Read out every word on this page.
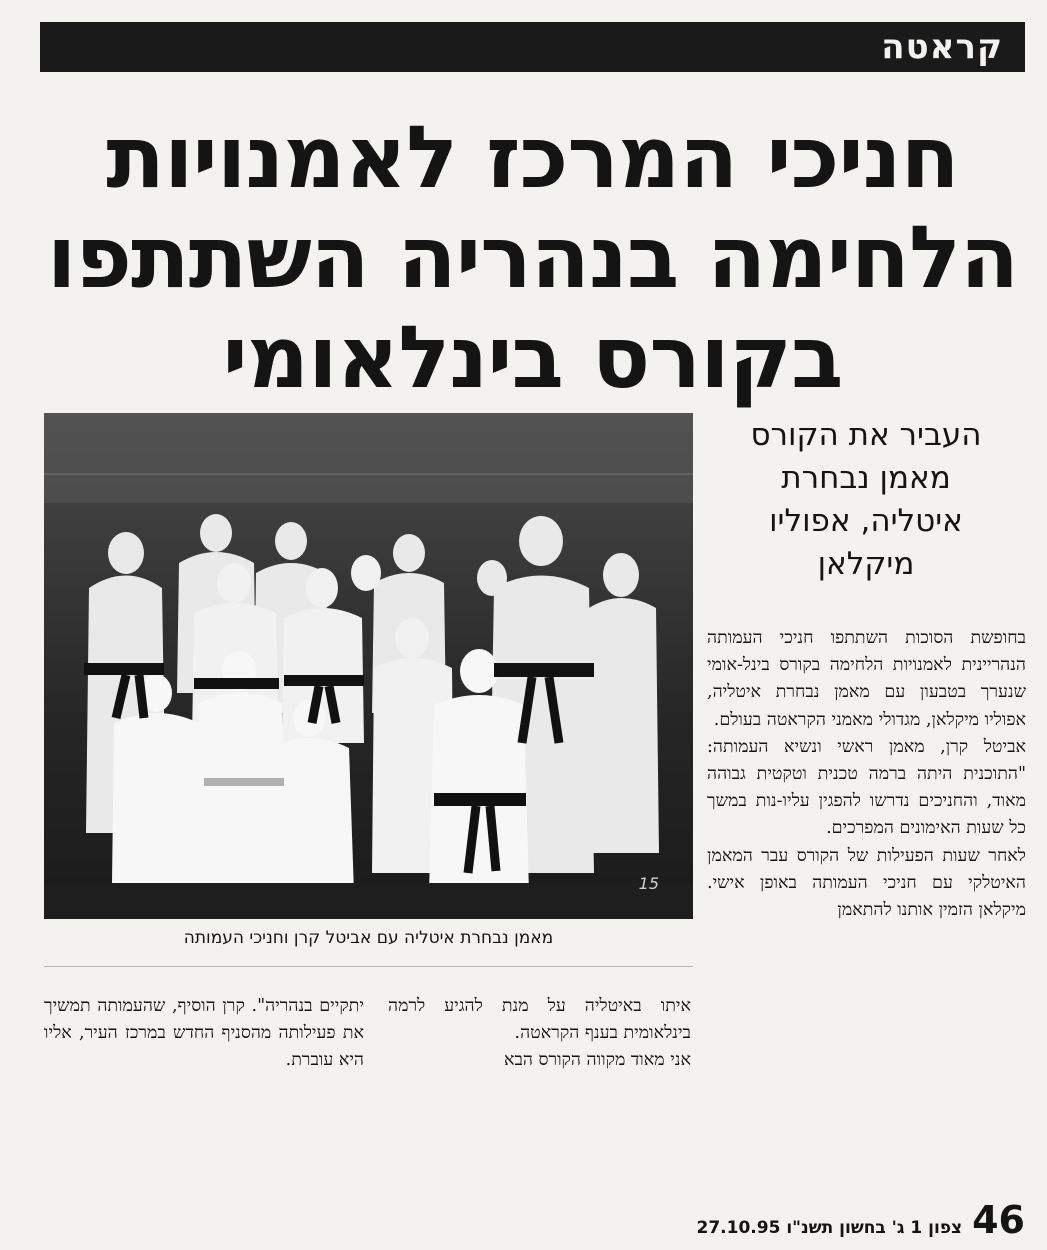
קראטה
חניכי המרכז לאמנויות
הלחימה בנהריה השתתפו
בקורס בינלאומי
15
מאמן נבחרת איטליה עם אביטל קרן וחניכי העמותה
העביר את הקורס
מאמן נבחרת
איטליה, אפוליו
מיקלאן

בחופשת הסוכות השתתפו חניכי העמותה הנהריינית לאמנויות הלחימה בקורס בינל-אומי שנערך בטבעון עם מאמן נבחרת איטליה, אפוליו מיקלאן, מגדולי מאמני הקראטה בעולם.

אביטל קרן, מאמן ראשי ונשיא העמותה: "התוכנית היתה ברמה טכנית וטקטית גבוהה מאוד, והחניכים נדרשו להפגין עליו-נות במשך כל שעות האימונים המפרכים.

לאחר שעות הפעילות של הקורס עבר המאמן האיטלקי עם חניכי העמותה באופן אישי. מיקלאן הזמין אותנו להתאמן

איתו באיטליה על מנת להגיע לרמה בינלאומית בענף הקראטה.

אני מאוד מקווה הקורס הבא

יתקיים בנהריה". קרן הוסיף, שהעמותה תמשיך את פעילותה מהסניף החדש במרכז העיר, אליו היא עוברת.

46
צפון 1 ג' בחשון תשנ"ו 27.10.95
